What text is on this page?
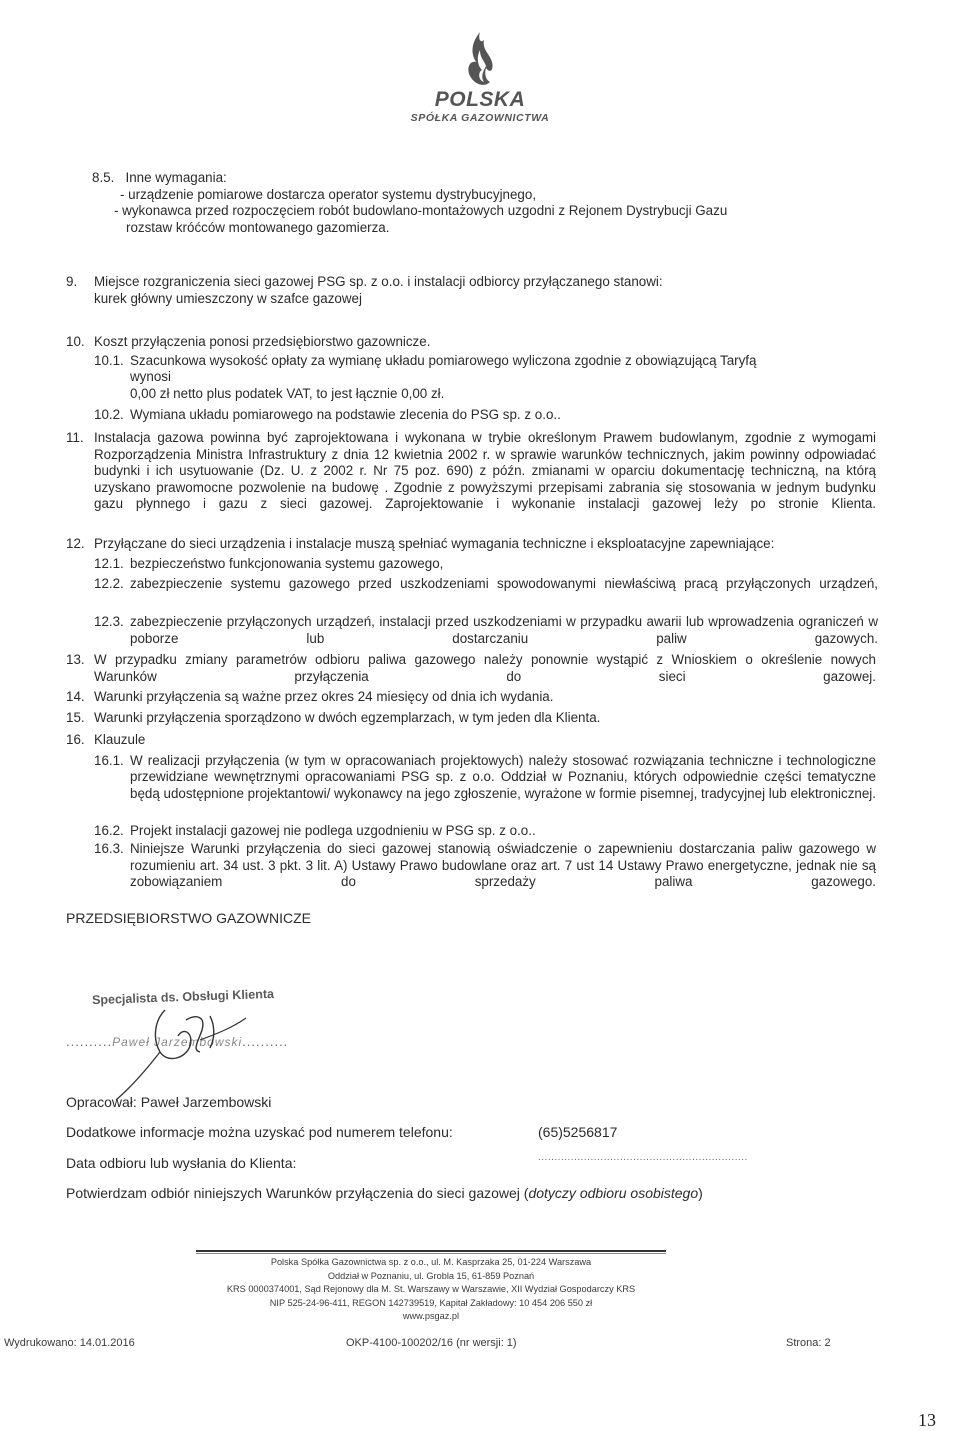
POLSKA
SPÓŁKA GAZOWNICTWA
8.5. Inne wymagania:
- urządzenie pomiarowe dostarcza operator systemu dystrybucyjnego,
- wykonawca przed rozpoczęciem robót budowlano-montażowych uzgodni z Rejonem Dystrybucji Gazu
rozstaw króćców montowanego gazomierza.
9.	Miejsce rozgraniczenia sieci gazowej PSG sp. z o.o. i instalacji odbiorcy przyłączanego stanowi:
kurek główny umieszczony w szafce gazowej
10. Koszt przyłączenia ponosi przedsiębiorstwo gazownicze.
10.1. Szacunkowa wysokość opłaty za wymianę układu pomiarowego wyliczona zgodnie z obowiązującą Taryfą
wynosi
0,00 zł netto plus podatek VAT, to jest łącznie 0,00 zł.
10.2. Wymiana układu pomiarowego na podstawie zlecenia do PSG sp. z o.o..
11. Instalacja gazowa powinna być zaprojektowana i wykonana w trybie określonym Prawem budowlanym, zgodnie z wymogami Rozporządzenia Ministra Infrastruktury z dnia 12 kwietnia 2002 r. w sprawie warunków technicznych, jakim powinny odpowiadać budynki i ich usytuowanie (Dz. U. z 2002 r. Nr 75 poz. 690) z późn. zmianami w oparciu dokumentację techniczną, na którą uzyskano prawomocne pozwolenie na budowę . Zgodnie z powyższymi przepisami zabrania się stosowania w jednym budynku gazu płynnego i gazu z sieci gazowej. Zaprojektowanie i wykonanie instalacji gazowej leży po stronie Klienta.
12. Przyłączane do sieci urządzenia i instalacje muszą spełniać wymagania techniczne i eksploatacyjne zapewniające:
12.1. bezpieczeństwo funkcjonowania systemu gazowego,
12.2. zabezpieczenie systemu gazowego przed uszkodzeniami spowodowanymi niewłaściwą pracą przyłączonych urządzeń,
12.3. zabezpieczenie przyłączonych urządzeń, instalacji przed uszkodzeniami w przypadku awarii lub wprowadzenia ograniczeń w poborze lub dostarczaniu paliw gazowych.
13. W przypadku zmiany parametrów odbioru paliwa gazowego należy ponownie wystąpić z Wnioskiem o określenie nowych Warunków przyłączenia do sieci gazowej.
14. Warunki przyłączenia są ważne przez okres 24 miesięcy od dnia ich wydania.
15. Warunki przyłączenia sporządzono w dwóch egzemplarzach, w tym jeden dla Klienta.
16. Klauzule
16.1. W realizacji przyłączenia (w tym w opracowaniach projektowych) należy stosować rozwiązania techniczne i technologiczne przewidziane wewnętrznymi opracowaniami PSG sp. z o.o. Oddział w Poznaniu, których odpowiednie części tematyczne będą udostępnione projektantowi/ wykonawcy na jego zgłoszenie, wyrażone w formie pisemnej, tradycyjnej lub elektronicznej.
16.2. Projekt instalacji gazowej nie podlega uzgodnieniu w PSG sp. z o.o..
16.3. Niniejsze Warunki przyłączenia do sieci gazowej stanowią oświadczenie o zapewnieniu dostarczania paliw gazowego w rozumieniu art. 34 ust. 3 pkt. 3 lit. A) Ustawy Prawo budowlane oraz art. 7 ust 14 Ustawy Prawo energetyczne, jednak nie są zobowiązaniem do sprzedaży paliwa gazowego.
PRZEDSIĘBIORSTWO GAZOWNICZE
Specjalista ds. Obsługi Klienta
..........Paweł Jarzembowski..........
Opracował: Paweł Jarzembowski
Dodatkowe informacje można uzyskać pod numerem telefonu:	(65)5256817
Data odbioru lub wysłania do Klienta:	................................................................
Potwierdzam odbiór niniejszych Warunków przyłączenia do sieci gazowej (dotyczy odbioru osobistego)
Polska Spółka Gazownictwa sp. z o.o., ul. M. Kasprzaka 25, 01-224 Warszawa
Oddział w Poznaniu, ul. Grobla 15, 61-859 Poznań
KRS 0000374001, Sąd Rejonowy dla M. St. Warszawy w Warszawie, XII Wydział Gospodarczy KRS
NIP 525-24-96-411, REGON 142739519, Kapitał Zakładowy: 10 454 206 550 zł
www.psgaz.pl
Wydrukowano: 14.01.2016	OKP-4100-100202/16 (nr wersji: 1)	Strona: 2
13
